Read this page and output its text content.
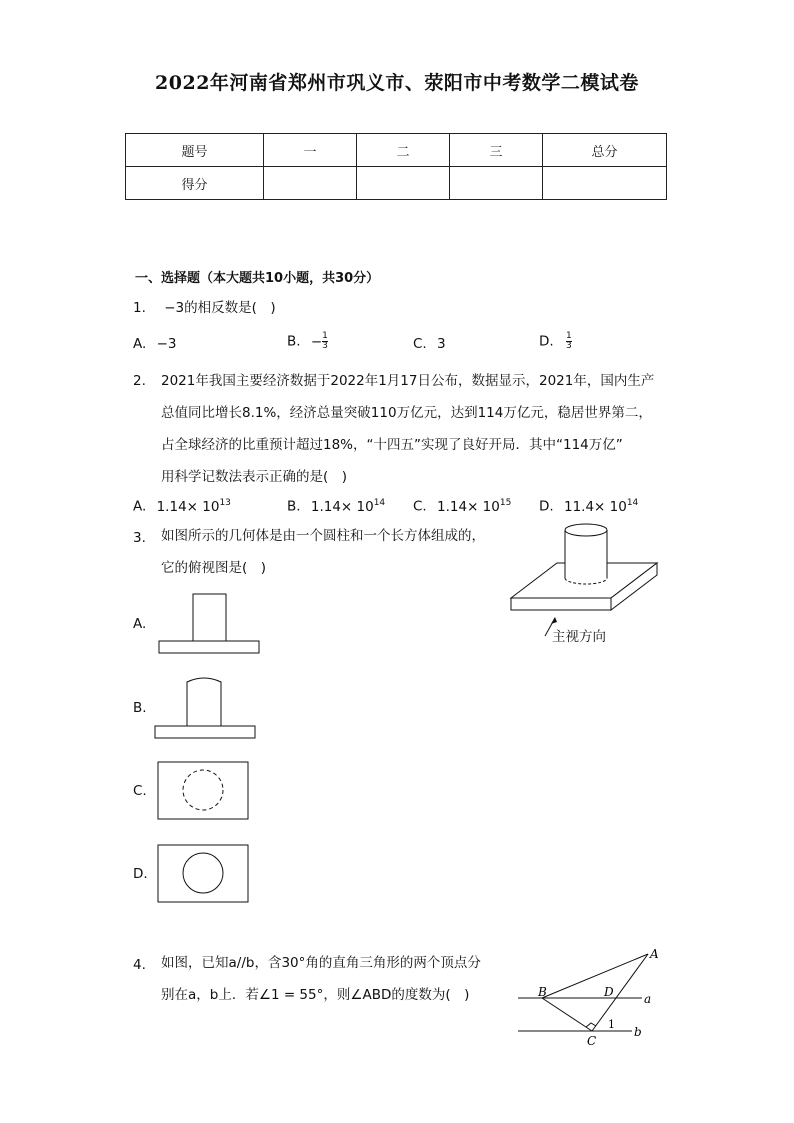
2022年河南省郑州市巩义市、荥阳市中考数学二模试卷
题号	一	二	三	总分
得分				
一、选择题（本大题共10小题，共30分）
1. −3的相反数是(　)
A. −3	B. − $\frac{1}{3}$	C. 3	D. $\frac{1}{3}$
2. 2021年我国主要经济数据于2022年1月17日公布，数据显示，2021年，国内生产
总值同比增长8.1%，经济总量突破110万亿元，达到114万亿元，稳居世界第二，
占全球经济的比重预计超过18%，“十四五”实现了良好开局．其中“114万亿”
用科学记数法表示正确的是(　)
A. $1.14\times 10^{13}$	B. $1.14\times 10^{14}$ C. $1.14\times 10^{15}$ D. $11.4\times 10^{14}$
3. 如图所示的几何体是由一个圆柱和一个长方体组成的，
它的俯视图是(　)
主视方向
A.
B.
C.
D.
4. 如图，已知a//b，含30°角的直角三角形的两个顶点分
别在a，b上．若∠1 = 55°，则∠ABD的度数为(　)
A
B	D
C
a
b
1
